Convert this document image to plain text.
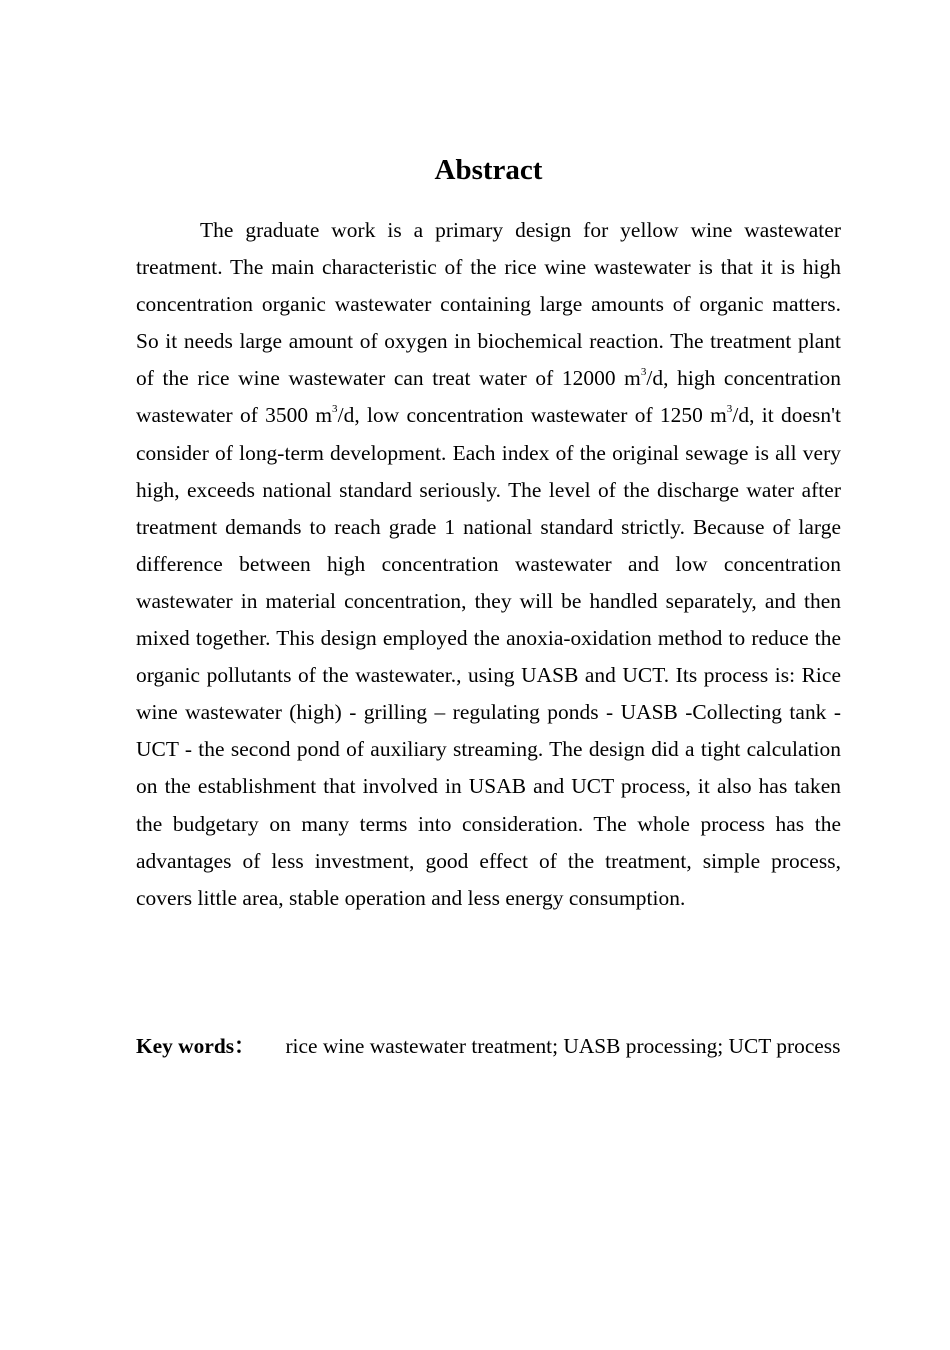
Abstract

The graduate work is a primary design for yellow wine wastewater treatment. The main characteristic of the rice wine wastewater is that it is high concentration organic wastewater containing large amounts of organic matters. So it needs large amount of oxygen in biochemical reaction. The treatment plant of the rice wine wastewater can treat water of 12000 $m^3/d$, high concentration wastewater of 3500 $m^3/d$, low concentration wastewater of 1250 $m^3/d$, it doesn't consider of long-term development. Each index of the original sewage is all very high, exceeds national standard seriously. The level of the discharge water after treatment demands to reach grade 1 national standard strictly. Because of large difference between high concentration wastewater and low concentration wastewater in material concentration, they will be handled separately, and then mixed together. This design employed the anoxia-oxidation method to reduce the organic pollutants of the wastewater., using UASB and UCT. Its process is: Rice wine wastewater (high) - grilling – regulating ponds - UASB -Collecting tank - UCT - the second pond of auxiliary streaming. The design did a tight calculation on the establishment that involved in USAB and UCT process, it also has taken the budgetary on many terms into consideration. The whole process has the advantages of less investment, good effect of the treatment, simple process, covers little area, stable operation and less energy consumption.

Key words： rice wine wastewater treatment; UASB processing; UCT process
